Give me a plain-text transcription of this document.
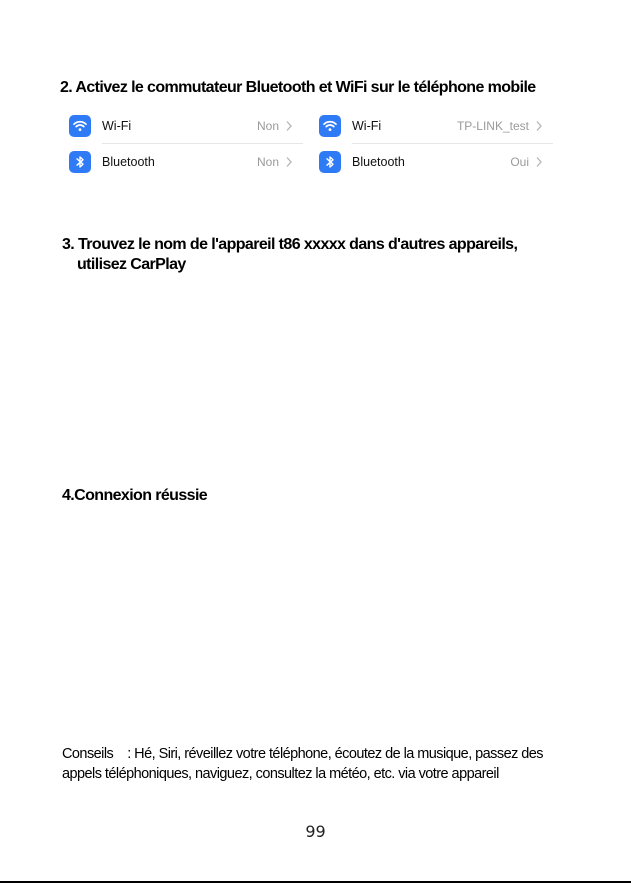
2. Activez le commutateur Bluetooth et WiFi sur le téléphone mobile

Wi-Fi	Non
Bluetooth	Non
Wi-Fi	TP-LINK_test
Bluetooth	Oui

3. Trouvez le nom de l'appareil t86 xxxxx dans d'autres appareils,
utilisez CarPlay

4.Connexion réussie

Conseils : Hé, Siri, réveillez votre téléphone, écoutez de la musique, passez des appels téléphoniques, naviguez, consultez la météo, etc. via votre appareil

99
